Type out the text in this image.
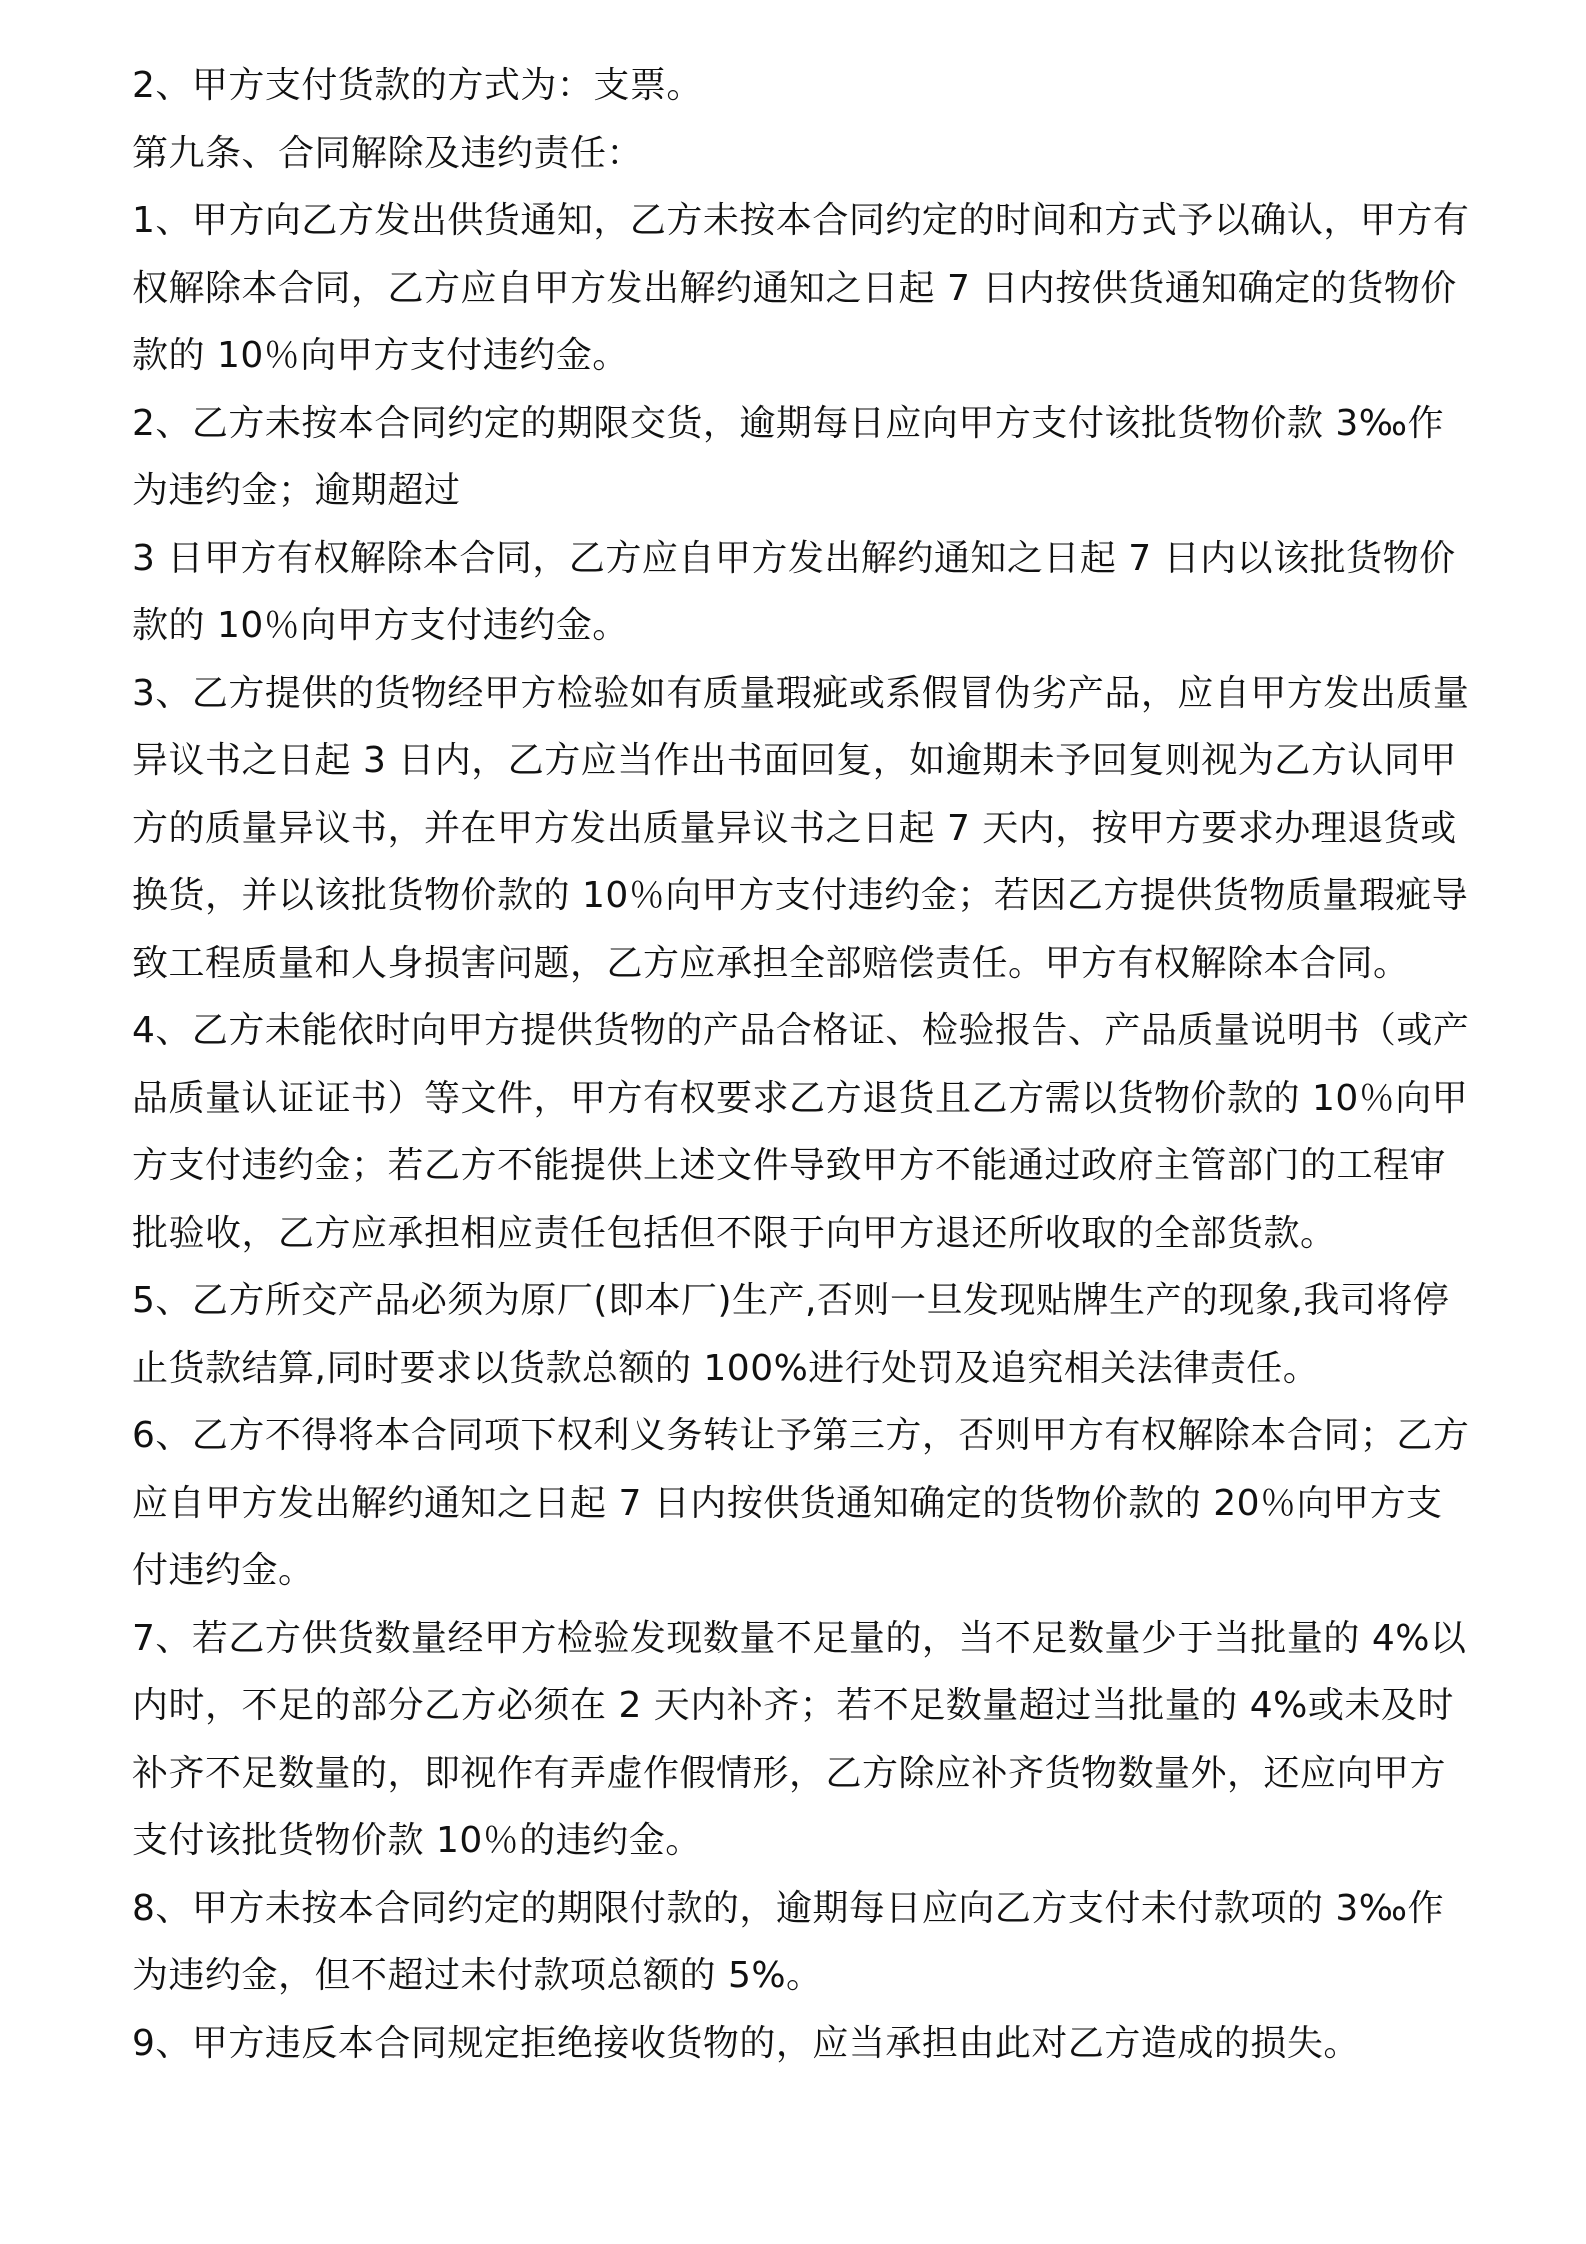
2、甲方支付货款的方式为：支票。

第九条、合同解除及违约责任：

1、甲方向乙方发出供货通知，乙方未按本合同约定的时间和方式予以确认，甲方有权解除本合同，乙方应自甲方发出解约通知之日起 7 日内按供货通知确定的货物价款的 10％向甲方支付违约金。

2、乙方未按本合同约定的期限交货，逾期每日应向甲方支付该批货物价款 3‰作为违约金；逾期超过

3 日甲方有权解除本合同，乙方应自甲方发出解约通知之日起 7 日内以该批货物价款的 10％向甲方支付违约金。

3、乙方提供的货物经甲方检验如有质量瑕疵或系假冒伪劣产品，应自甲方发出质量异议书之日起 3 日内，乙方应当作出书面回复，如逾期未予回复则视为乙方认同甲方的质量异议书，并在甲方发出质量异议书之日起 7 天内，按甲方要求办理退货或换货，并以该批货物价款的 10％向甲方支付违约金；若因乙方提供货物质量瑕疵导致工程质量和人身损害问题，乙方应承担全部赔偿责任。甲方有权解除本合同。

4、乙方未能依时向甲方提供货物的产品合格证、检验报告、产品质量说明书（或产品质量认证证书）等文件，甲方有权要求乙方退货且乙方需以货物价款的 10％向甲方支付违约金；若乙方不能提供上述文件导致甲方不能通过政府主管部门的工程审批验收，乙方应承担相应责任包括但不限于向甲方退还所收取的全部货款。

5、乙方所交产品必须为原厂(即本厂)生产,否则一旦发现贴牌生产的现象,我司将停止货款结算,同时要求以货款总额的 100%进行处罚及追究相关法律责任。

6、乙方不得将本合同项下权利义务转让予第三方，否则甲方有权解除本合同；乙方应自甲方发出解约通知之日起 7 日内按供货通知确定的货物价款的 20％向甲方支付违约金。

7、若乙方供货数量经甲方检验发现数量不足量的，当不足数量少于当批量的 4%以内时，不足的部分乙方必须在 2 天内补齐；若不足数量超过当批量的 4%或未及时补齐不足数量的，即视作有弄虚作假情形，乙方除应补齐货物数量外，还应向甲方支付该批货物价款 10％的违约金。

8、甲方未按本合同约定的期限付款的，逾期每日应向乙方支付未付款项的 3‰作为违约金，但不超过未付款项总额的 5%。

9、甲方违反本合同规定拒绝接收货物的，应当承担由此对乙方造成的损失。
